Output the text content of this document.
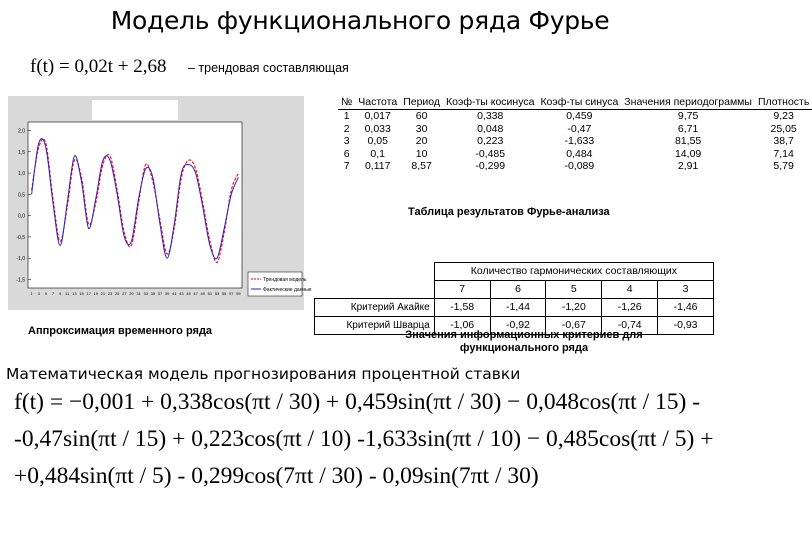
Модель функционального ряда Фурье
f(t) = 0,02t + 2,68 – трендовая составляющая
2,0
1,5
1,0
0,5
0,0
-0,5
-1,0
-1,5
1 3 5 7 9 11 13 15 17 19 21 23 25 27 29 31 33 35 37 39 41 43 45 47 49 51 53 55 57 59
Трендовая модель
Фактические данные
Аппроксимация временного ряда
№	Частота	Период	Коэф-ты косинуса	Коэф-ты синуса	Значения периодограммы	Плотность
1	0,017	60	0,338	0,459	9,75	9,23
2	0,033	30	0,048	-0,47	6,71	25,05
3	0,05	20	0,223	-1,633	81,55	38,7
6	0,1	10	-0,485	0,484	14,09	7,14
7	0,117	8,57	-0,299	-0,089	2,91	5,79
Таблица результатов Фурье-анализа
	Количество гармонических составляющих				
	7	6	5	4	3
Критерий Акайке	-1,58	-1,44	-1,20	-1,26	-1,46
Критерий Шварца	-1,06	-0,92	-0,67	-0,74	-0,93
Значения информационных критериев для функционального ряда
Математическая модель прогнозирования процентной ставки
f(t) = −0,001 + 0,338cos(πt / 30) + 0,459sin(πt / 30) − 0,048cos(πt / 15) -
-0,47sin(πt / 15) + 0,223cos(πt / 10) -1,633sin(πt / 10) − 0,485cos(πt / 5) +
+0,484sin(πt / 5) - 0,299cos(7πt / 30) - 0,09sin(7πt / 30)
